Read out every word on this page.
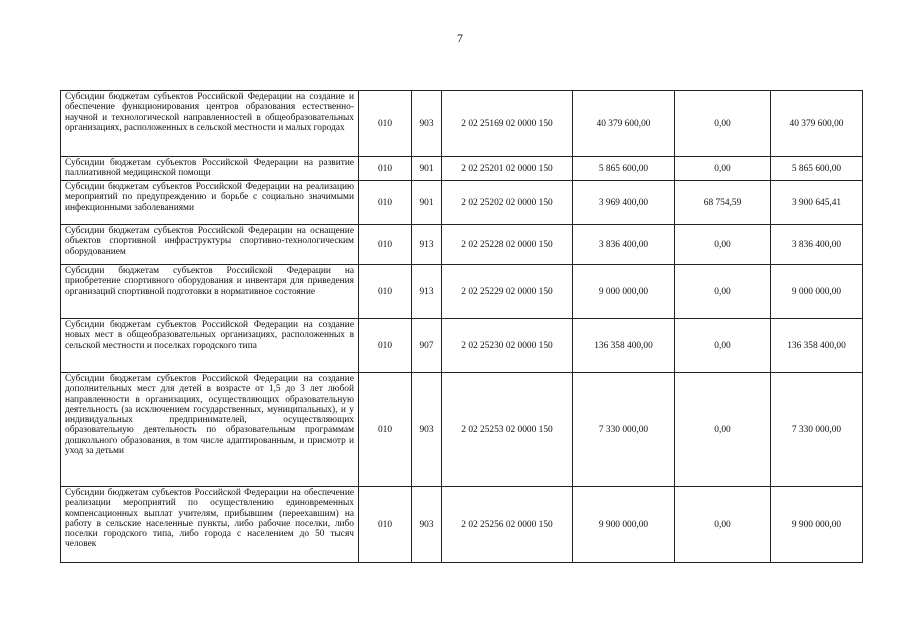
7
Субсидии бюджетам субъектов Российской Федерации на создание и обеспечение функционирования центров образования естественно-научной и технологической направленностей в общеобразовательных организациях, расположенных в сельской местности и малых городах	010	903	2 02 25169 02 0000 150	40 379 600,00	0,00	40 379 600,00
Субсидии бюджетам субъектов Российской Федерации на развитие паллиативной медицинской помощи	010	901	2 02 25201 02 0000 150	5 865 600,00	0,00	5 865 600,00
Субсидии бюджетам субъектов Российской Федерации на реализацию мероприятий по предупреждению и борьбе с социально значимыми инфекционными заболеваниями	010	901	2 02 25202 02 0000 150	3 969 400,00	68 754,59	3 900 645,41
Субсидии бюджетам субъектов Российской Федерации на оснащение объектов спортивной инфраструктуры спортивно-технологическим оборудованием	010	913	2 02 25228 02 0000 150	3 836 400,00	0,00	3 836 400,00
Субсидии бюджетам субъектов Российской Федерации на приобретение спортивного оборудования и инвентаря для приведения организаций спортивной подготовки в нормативное состояние	010	913	2 02 25229 02 0000 150	9 000 000,00	0,00	9 000 000,00
Субсидии бюджетам субъектов Российской Федерации на создание новых мест в общеобразовательных организациях, расположенных в сельской местности и поселках городского типа	010	907	2 02 25230 02 0000 150	136 358 400,00	0,00	136 358 400,00
Субсидии бюджетам субъектов Российской Федерации на создание дополнительных мест для детей в возрасте от 1,5 до 3 лет любой направленности в организациях, осуществляющих образовательную деятельность (за исключением государственных, муниципальных), и у индивидуальных предпринимателей, осуществляющих образовательную деятельность по образовательным программам дошкольного образования, в том числе адаптированным, и присмотр и уход за детьми	010	903	2 02 25253 02 0000 150	7 330 000,00	0,00	7 330 000,00
Субсидии бюджетам субъектов Российской Федерации на обеспечение реализации мероприятий по осуществлению единовременных компенсационных выплат учителям, прибывшим (переехавшим) на работу в сельские населенные пункты, либо рабочие поселки, либо поселки городского типа, либо города с населением до 50 тысяч человек	010	903	2 02 25256 02 0000 150	9 900 000,00	0,00	9 900 000,00
